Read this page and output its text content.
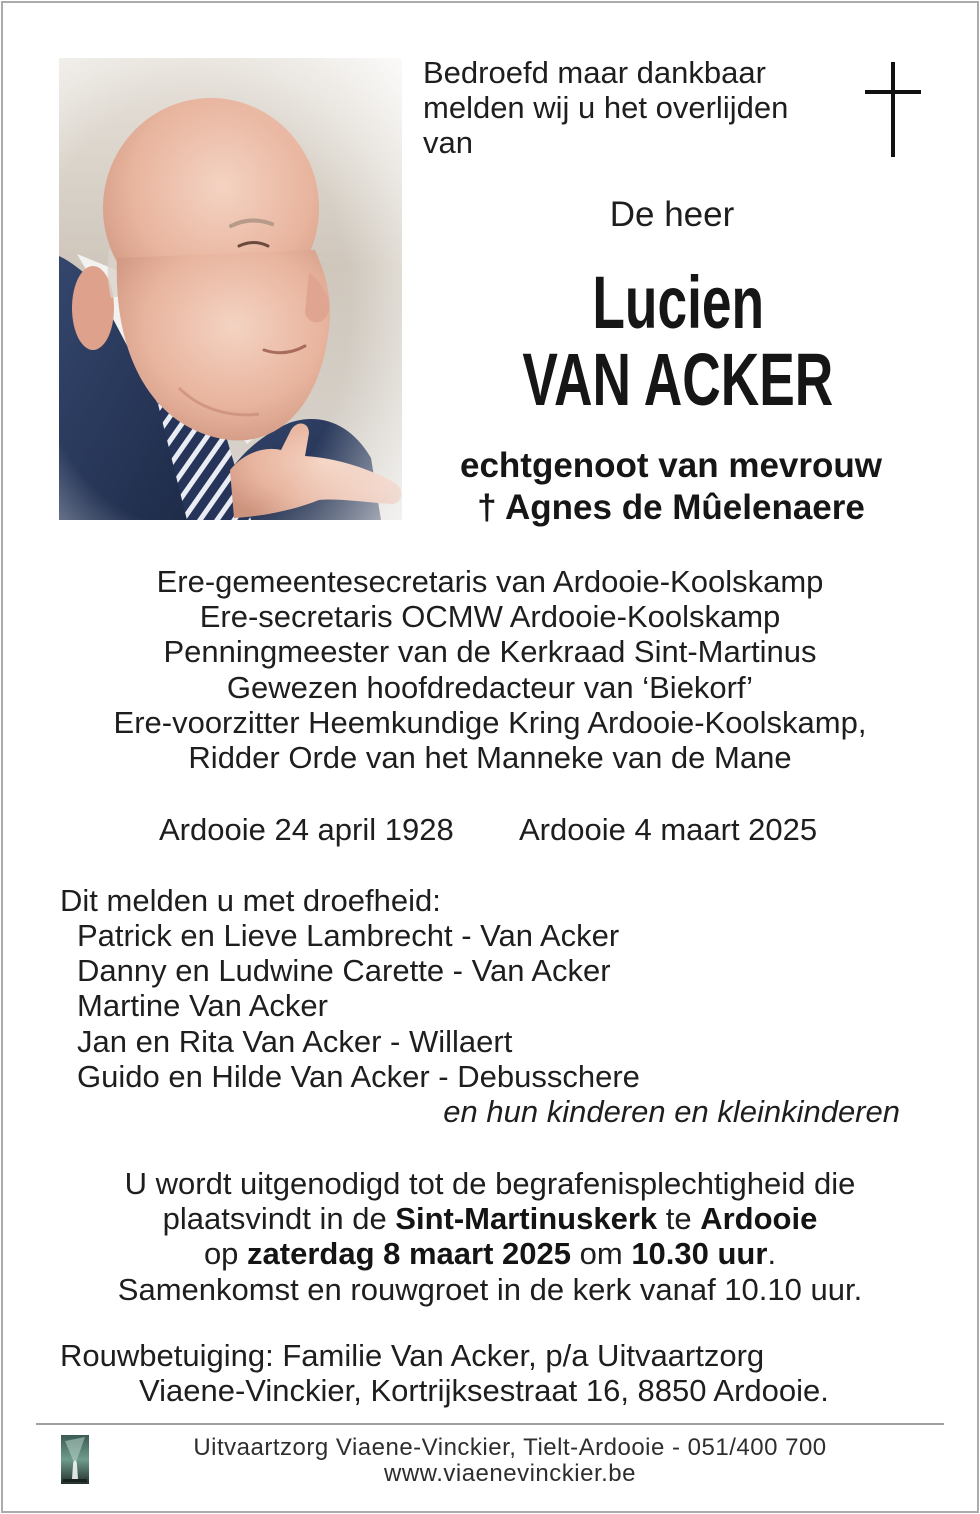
Bedroefd maar dankbaar
melden wij u het overlijden
van
De heer
Lucien
VAN ACKER
echtgenoot van mevrouw
† Agnes de Mûelenaere
Ere-gemeentesecretaris van Ardooie-Koolskamp
Ere-secretaris OCMW Ardooie-Koolskamp
Penningmeester van de Kerkraad Sint-Martinus
Gewezen hoofdredacteur van ‘Biekorf’
Ere-voorzitter Heemkundige Kring Ardooie-Koolskamp,
Ridder Orde van het Manneke van de Mane
Ardooie 24 april 1928 Ardooie 4 maart 2025
Dit melden u met droefheid:
Patrick en Lieve Lambrecht - Van Acker
Danny en Ludwine Carette - Van Acker
Martine Van Acker
Jan en Rita Van Acker - Willaert
Guido en Hilde Van Acker - Debusschere
en hun kinderen en kleinkinderen
U wordt uitgenodigd tot de begrafenisplechtigheid die
plaatsvindt in de Sint-Martinuskerk te Ardooie
op zaterdag 8 maart 2025 om 10.30 uur.
Samenkomst en rouwgroet in de kerk vanaf 10.10 uur.
Rouwbetuiging: Familie Van Acker, p/a Uitvaartzorg
Viaene-Vinckier, Kortrijksestraat 16, 8850 Ardooie.
Uitvaartzorg Viaene-Vinckier, Tielt-Ardooie - 051/400 700
www.viaenevinckier.be
